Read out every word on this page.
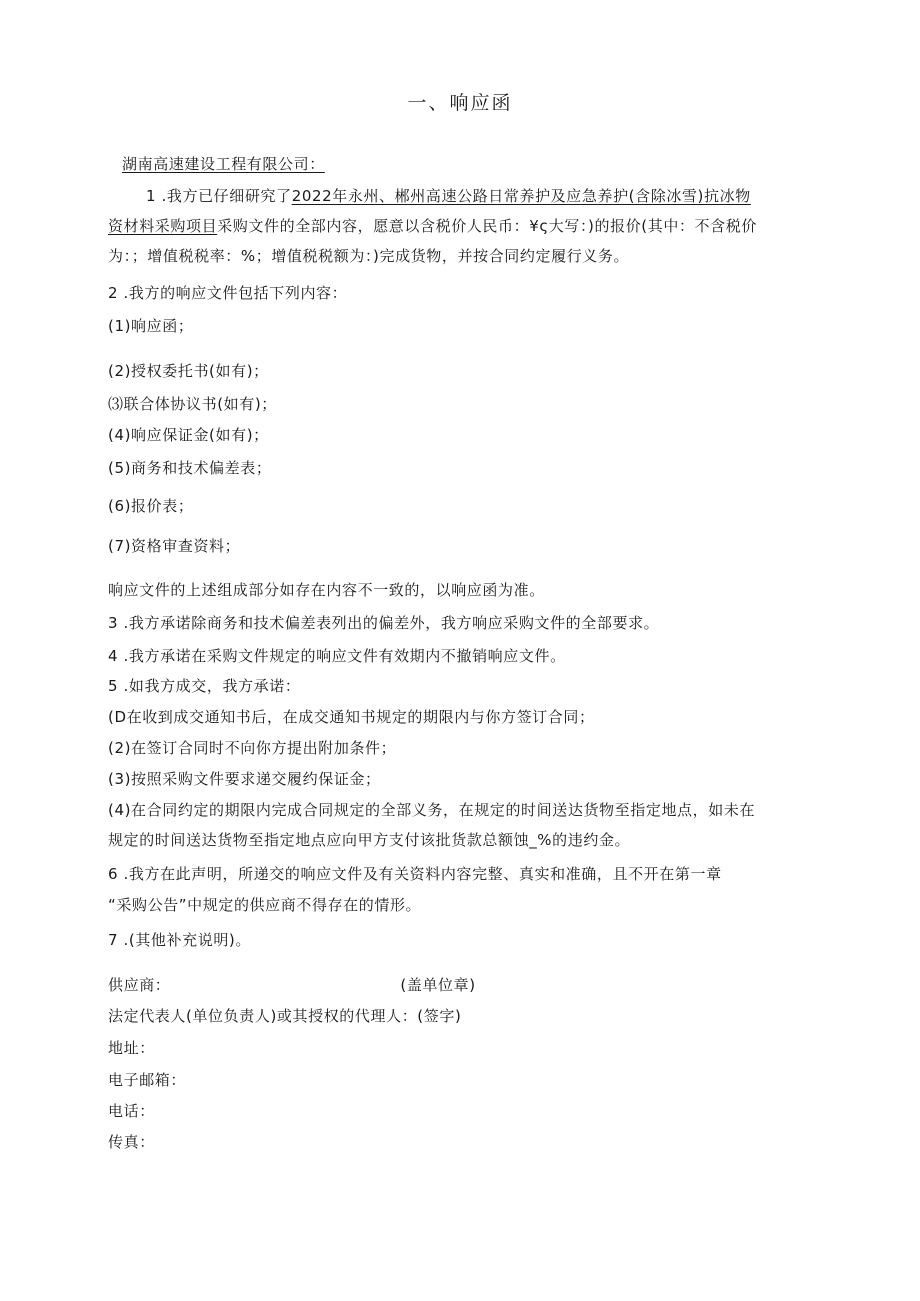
一、响应函
湖南高速建设工程有限公司：
1 .我方已仔细研究了2022年永州、郴州高速公路日常养护及应急养护(含除冰雪)抗冰物
资材料采购项目采购文件的全部内容，愿意以含税价人民币：¥ς大写：)的报价(其中：不含税价
为：；增值税税率：%；增值税税额为：)完成货物，并按合同约定履行义务。
2 .我方的响应文件包括下列内容：
(1)响应函；
(2)授权委托书(如有)；
⑶联合体协议书(如有)；
(4)响应保证金(如有)；
(5)商务和技术偏差表；
(6)报价表；
(7)资格审查资料；
响应文件的上述组成部分如存在内容不一致的，以响应函为准。
3 .我方承诺除商务和技术偏差表列出的偏差外，我方响应采购文件的全部要求。
4 .我方承诺在采购文件规定的响应文件有效期内不撤销响应文件。
5 .如我方成交，我方承诺：
(D在收到成交通知书后，在成交通知书规定的期限内与你方签订合同；
(2)在签订合同时不向你方提出附加条件；
(3)按照采购文件要求递交履约保证金；
(4)在合同约定的期限内完成合同规定的全部义务，在规定的时间送达货物至指定地点，如未在
规定的时间送达货物至指定地点应向甲方支付该批货款总额蚀_%的违约金。
6 .我方在此声明，所递交的响应文件及有关资料内容完整、真实和准确，且不开在第一章
“采购公告”中规定的供应商不得存在的情形。
7 .(其他补充说明)。
供应商：	(盖单位章)
法定代表人(单位负责人)或其授权的代理人：(签字)
地址：
电子邮箱：
电话：
传真：
